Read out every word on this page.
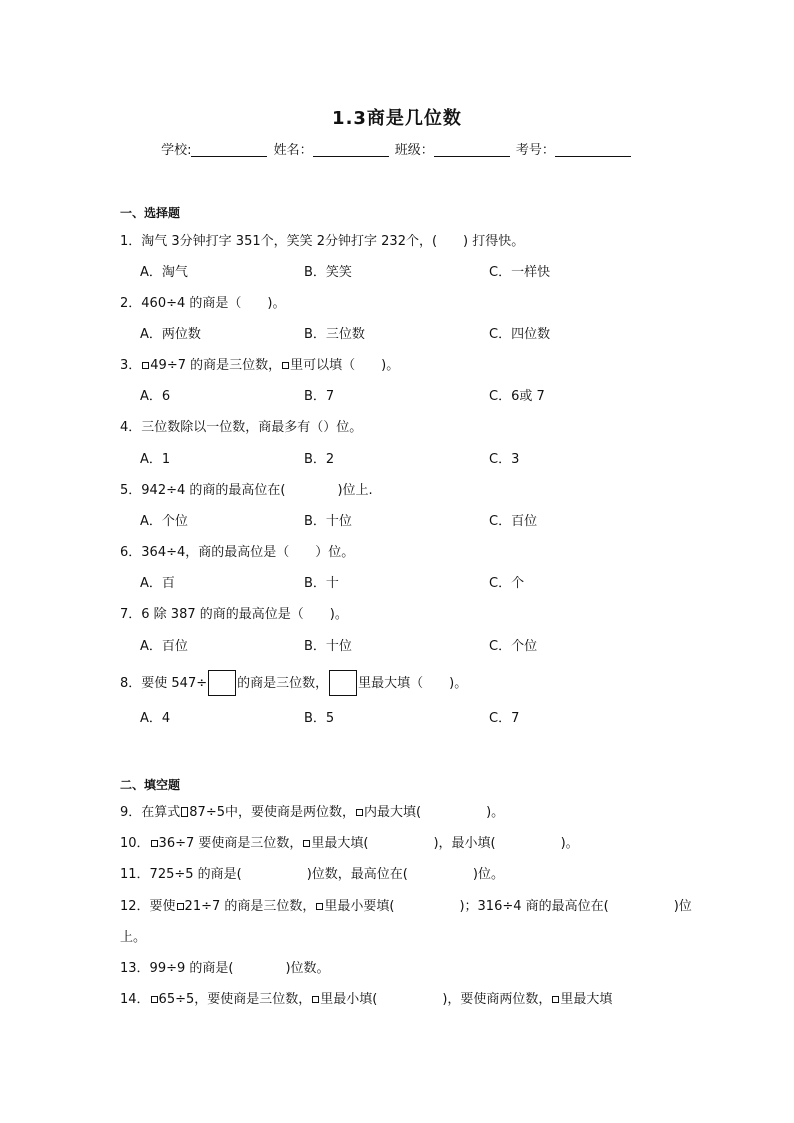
1.3商是几位数
学校:	姓名：	班级：	考号：
一、选择题
1．淘气 3分钟打字 351个，笑笑 2分钟打字 232个，(　　) 打得快。
A．淘气	B．笑笑	C．一样快
2．460÷4 的商是（　　)。
A．两位数	B．三位数	C．四位数
3． 49÷7 的商是三位数， 里可以填（　　)。
A．6	B．7	C．6或 7
4．三位数除以一位数，商最多有（）位。
A．1	B．2	C．3
5．942÷4 的商的最高位在(　　　　)位上.
A．个位	B．十位	C．百位
6．364÷4，商的最高位是（　　）位。
A．百	B．十	C．个
7．6 除 387 的商的最高位是（　　)。
A．百位	B．十位	C．个位
8．要使 547÷ 的商是三位数， 里最大填（　　)。
A．4	B．5	C．7
二、填空题
9．在算式 87÷5中，要使商是两位数， 内最大填(　　　　　)。
10． 36÷7 要使商是三位数， 里最大填(　　　　　)，最小填(　　　　　)。
11．725÷5 的商是(　　　　　)位数，最高位在(　　　　　)位。
12．要使 21÷7 的商是三位数， 里最小要填(　　　　　)；316÷4 商的最高位在(　　　　　)位
上。
13．99÷9 的商是(　　　　)位数。
14． 65÷5，要使商是三位数， 里最小填(　　　　　)，要使商两位数， 里最大填
